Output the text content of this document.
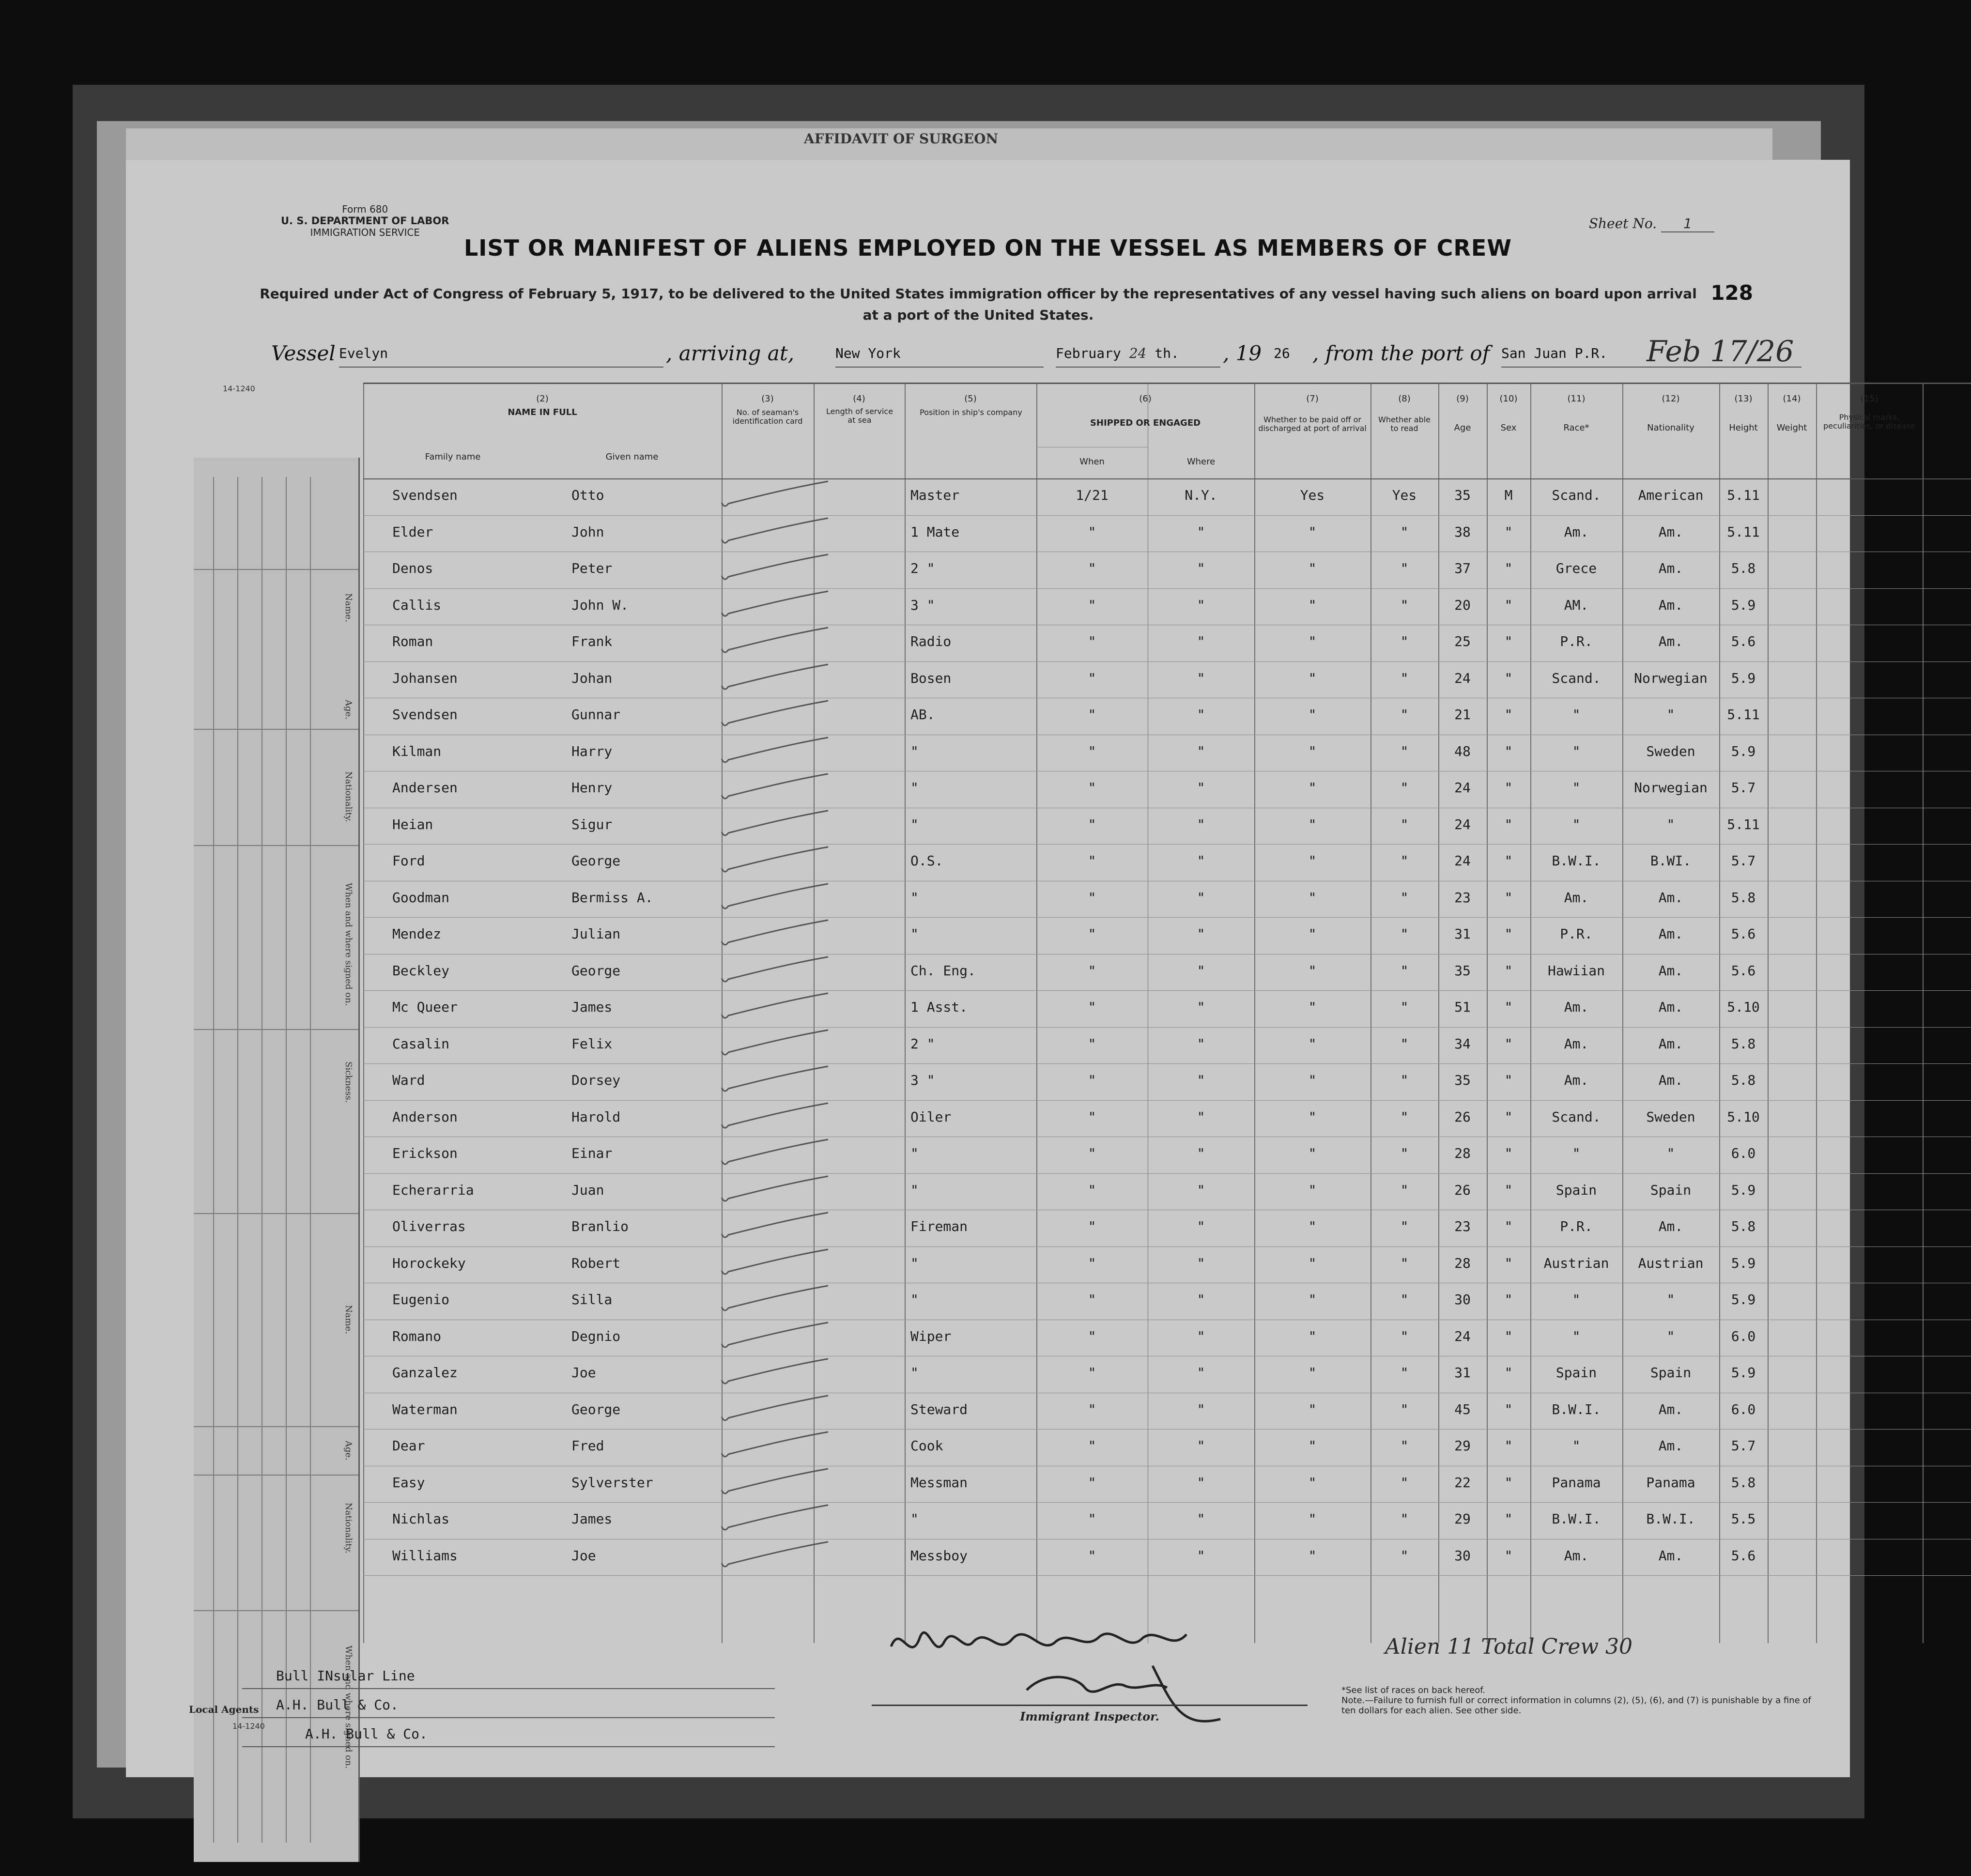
AFFIDAVIT OF SURGEON
Form 680
U. S. DEPARTMENT OF LABOR
IMMIGRATION SERVICE
Sheet No. 1
LIST OR MANIFEST OF ALIENS EMPLOYED ON THE VESSEL AS MEMBERS OF CREW
Required under Act of Congress of February 5, 1917, to be delivered to the United States immigration officer by the representatives of any vessel having such aliens on board upon arrival at a port of the United States.
128
Vessel Evelyn	, arriving at,	New York	February 24 th.	, 19 26	, from the port of San Juan P.R.	Feb 17/26
Name.
Age.
Nationality.
When and where signed on.
Sickness.
Name.
Age.
Nationality.
When and where signed on.
14-1240
(2)
NAME IN FULL
Family name	Given name
(3)
No. of seaman's identification card
(4)
Length of service at sea
(5)
Position in ship's company
(6)
SHIPPED OR ENGAGED
When	Where
(7)
Whether to be paid off or discharged at port of arrival
(8)
Whether able to read
(9)
Age
(10)
Sex
(11)
Race*
(12)
Nationality
(13)
Height
(14)
Weight
(15)
Physical marks, peculiarities, or disease
Svendsen	Otto	Master	1/21	N.Y.	Yes	Yes	35	M	Scand.	American	5.11
Elder	John	1 Mate	"	"	"	"	38	"	Am.	Am.	5.11
Denos	Peter	2 "	"	"	"	"	37	"	Grece	Am.	5.8
Callis	John W.	3 "	"	"	"	"	20	"	AM.	Am.	5.9
Roman	Frank	Radio	"	"	"	"	25	"	P.R.	Am.	5.6
Johansen	Johan	Bosen	"	"	"	"	24	"	Scand.	Norwegian	5.9
Svendsen	Gunnar	AB.	"	"	"	"	21	"	"	"	5.11
Kilman	Harry	"	"	"	"	"	48	"	"	Sweden	5.9
Andersen	Henry	"	"	"	"	"	24	"	"	Norwegian	5.7
Heian	Sigur	"	"	"	"	"	24	"	"	"	5.11
Ford	George	O.S.	"	"	"	"	24	"	B.W.I.	B.WI.	5.7
Goodman	Bermiss A.	"	"	"	"	"	23	"	Am.	Am.	5.8
Mendez	Julian	"	"	"	"	"	31	"	P.R.	Am.	5.6
Beckley	George	Ch. Eng.	"	"	"	"	35	"	Hawiian	Am.	5.6
Mc Queer	James	1 Asst.	"	"	"	"	51	"	Am.	Am.	5.10
Casalin	Felix	2 "	"	"	"	"	34	"	Am.	Am.	5.8
Ward	Dorsey	3 "	"	"	"	"	35	"	Am.	Am.	5.8
Anderson	Harold	Oiler	"	"	"	"	26	"	Scand.	Sweden	5.10
Erickson	Einar	"	"	"	"	"	28	"	"	"	6.0
Echerarria	Juan	"	"	"	"	"	26	"	Spain	Spain	5.9
Oliverras	Branlio	Fireman	"	"	"	"	23	"	P.R.	Am.	5.8
Horockeky	Robert	"	"	"	"	"	28	"	Austrian	Austrian	5.9
Eugenio	Silla	"	"	"	"	"	30	"	"	"	5.9
Romano	Degnio	Wiper	"	"	"	"	24	"	"	"	6.0
Ganzalez	Joe	"	"	"	"	"	31	"	Spain	Spain	5.9
Waterman	George	Steward	"	"	"	"	45	"	B.W.I.	Am.	6.0
Dear	Fred	Cook	"	"	"	"	29	"	"	Am.	5.7
Easy	Sylverster	Messman	"	"	"	"	22	"	Panama	Panama	5.8
Nichlas	James	"	"	"	"	"	29	"	B.W.I.	B.W.I.	5.5
Williams	Joe	Messboy	"	"	"	"	30	"	Am.	Am.	5.6
Bull INsular Line
A.H. Bull & Co.
A.H. Bull & Co.
Local Agents
14-1240
Henry McLuick
Immigrant Inspector.
Alien 11 Total Crew 30
*See list of races on back hereof.
Note.—Failure to furnish full or correct information in columns (2), (5), (6), and (7) is punishable by a fine of ten dollars for each alien. See other side.
